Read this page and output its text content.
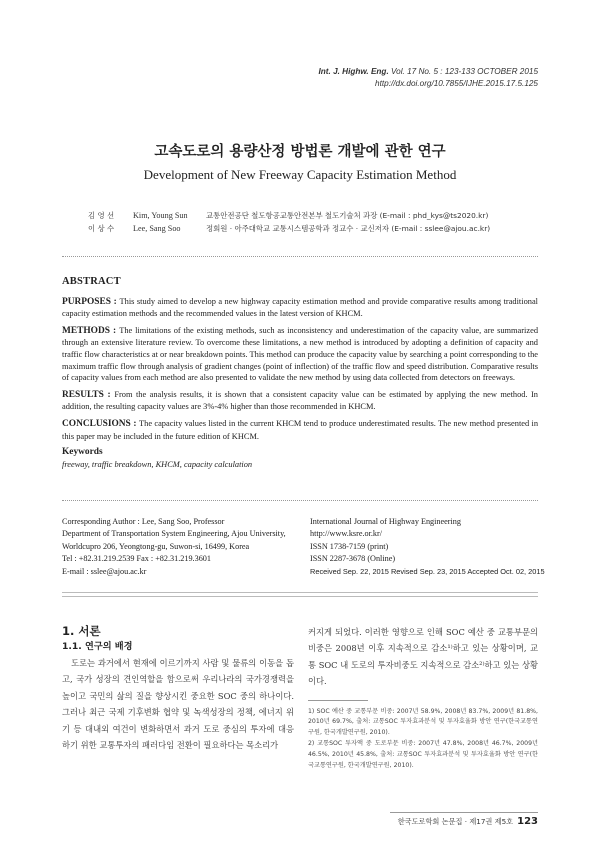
Int. J. Highw. Eng. Vol. 17 No. 5 : 123-133 OCTOBER 2015
http://dx.doi.org/10.7855/IJHE.2015.17.5.125
고속도로의 용량산정 방법론 개발에 관한 연구
Development of New Freeway Capacity Estimation Method
김 영 선	Kim, Young Sun	교통안전공단 철도항공교통안전본부 철도기술처 과장 (E-mail : phd_kys@ts2020.kr)
이 상 수	Lee, Sang Soo	정회원 · 아주대학교 교통시스템공학과 정교수 · 교신저자 (E-mail : sslee@ajou.ac.kr)
ABSTRACT

PURPOSES : This study aimed to develop a new highway capacity estimation method and provide comparative results among traditional capacity estimation methods and the recommended values in the latest version of KHCM.

METHODS : The limitations of the existing methods, such as inconsistency and underestimation of the capacity value, are summarized through an extensive literature review. To overcome these limitations, a new method is introduced by adopting a definition of capacity and traffic flow characteristics at or near breakdown points. This method can produce the capacity value by searching a point corresponding to the maximum traffic flow through analysis of gradient changes (point of inflection) of the traffic flow and speed distribution. Comparative results of capacity values from each method are also presented to validate the new method by using data collected from detectors on freeways.

RESULTS : From the analysis results, it is shown that a consistent capacity value can be estimated by applying the new method. In addition, the resulting capacity values are 3%-4% higher than those recommended in KHCM.

CONCLUSIONS : The capacity values listed in the current KHCM tend to produce underestimated results. The new method presented in this paper may be included in the future edition of KHCM.

Keywords
freeway, traffic breakdown, KHCM, capacity calculation
Corresponding Author : Lee, Sang Soo, Professor
Department of Transportation System Engineering, Ajou University,
Worldcupro 206, Yeongtong-gu, Suwon-si, 16499, Korea
Tel : +82.31.219.2539 Fax : +82.31.219.3601
E-mail : sslee@ajou.ac.kr
International Journal of Highway Engineering
http://www.ksre.or.kr/
ISSN 1738-7159 (print)
ISSN 2287-3678 (Online)
Received Sep. 22, 2015 Revised Sep. 23, 2015 Accepted Oct. 02, 2015
1. 서론
1.1. 연구의 배경

도로는 과거에서 현재에 이르기까지 사람 및 물류의 이동을 돕고, 국가 성장의 견인역할을 함으로써 우리나라의 국가경쟁력을 높이고 국민의 삶의 질을 향상시킨 중요한 SOC 중의 하나이다. 그러나 최근 국제 기후변화 협약 및 녹색성장의 정책, 에너지 위기 등 대내외 여건이 변화하면서 과거 도로 중심의 투자에 대응하기 위한 교통투자의 패러다임 전환이 필요하다는 목소리가

커지게 되었다. 이러한 영향으로 인해 SOC 예산 중 교통부문의 비중은 2008년 이후 지속적으로 감소¹⁾하고 있는 상황이며, 교통 SOC 내 도로의 투자비중도 지속적으로 감소²⁾하고 있는 상황이다.

1) SOC 예산 중 교통부문 비중: 2007년 58.9%, 2008년 83.7%, 2009년 81.8%, 2010년 69.7%, 출처: 교통SOC 투자효과분석 및 투자효율화 방안 연구(한국교통연구원, 한국개발연구원, 2010).

2) 교통SOC 투자액 중 도로부문 비중: 2007년 47.8%, 2008년 46.7%, 2009년 46.5%, 2010년 45.8%, 출처: 교통SOC 투자효과분석 및 투자효율화 방안 연구(한국교통연구원, 한국개발연구원, 2010).

한국도로학회 논문집 · 제17권 제5호 123
